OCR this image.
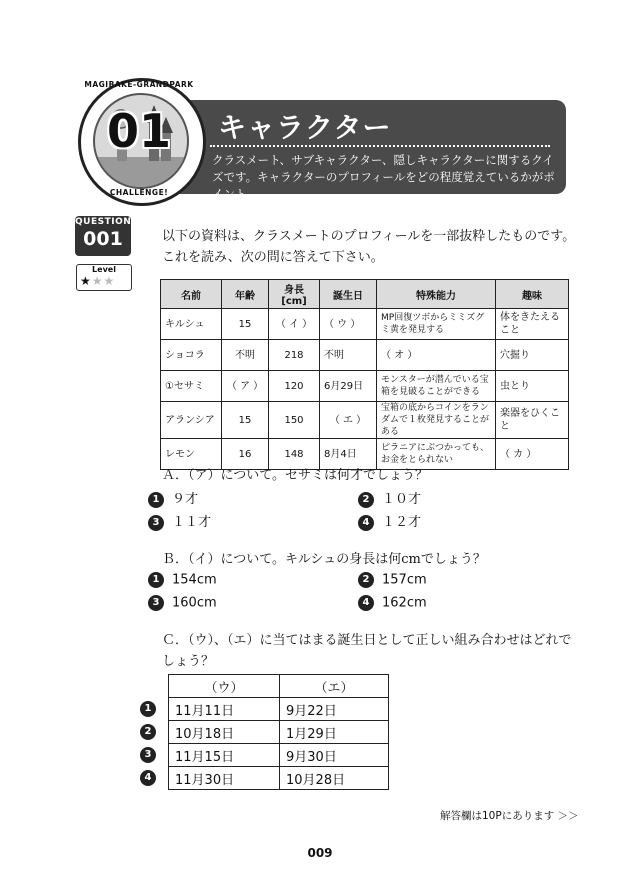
キャラクター
クラスメート、サブキャラクター、隠しキャラクターに関するクイズです。キャラクターのプロフィールをどの程度覚えているかがポイント。
01
MAGIBAKE-GRANDPARK
CHALLENGE!
QUESTION
001
Level
★★★
以下の資料は、クラスメートのプロフィールを一部抜粋したものです。これを読み、次の問に答えて下さい。
名前	年齢	身長 [cm]	誕生日	特殊能力	趣味
キルシュ	15	（ イ ）	（ ウ ）	MP回復ツボからミミズグミ黄を発見する	体をきたえること
ショコラ	不明	218	不明	（ オ ）	穴掘り
①セサミ	（ ア ）	120	6月29日	モンスターが潜んでいる宝箱を見破ることができる	虫とり
アランシア	15	150	（ エ ）	宝箱の底からコインをランダムで１枚発見することがある	楽器をひくこと
レモン	16	148	8月4日	ピラニアにぶつかっても、お金をとられない	（ カ ）
Ａ．（ア）について。セサミは何才でしょう？
1 ９才	2 １０才
3 １１才	4 １２才
Ｂ．（イ）について。キルシュの身長は何cmでしょう？
1 154cm	2 157cm
3 160cm	4 162cm
Ｃ．（ウ）、（エ）に当てはまる誕生日として正しい組み合わせはどれでしょう？
	（ウ）	（エ）
1	11月11日	9月22日
2	10月18日	1月29日
3	11月15日	9月30日
4	11月30日	10月28日
解答欄は10Pにあります ＞＞
009
